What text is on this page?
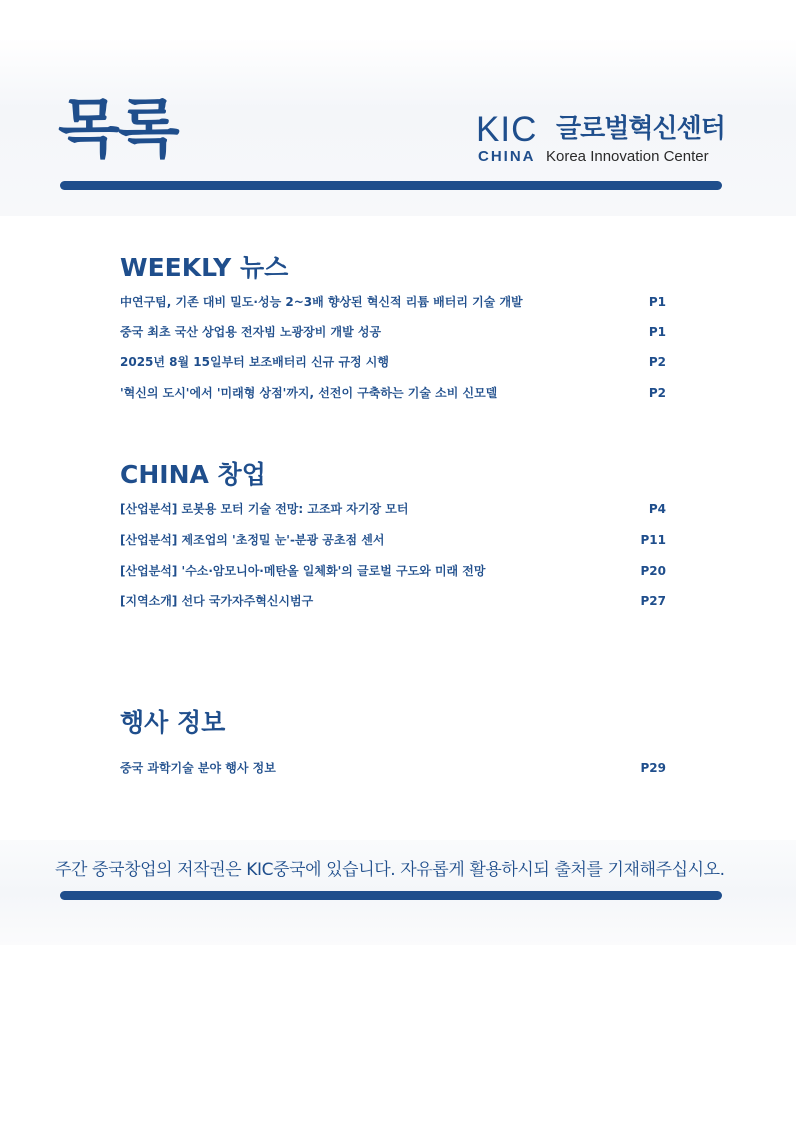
목록	KIC 글로벌혁신센터
CHINA Korea Innovation Center
WEEKLY 뉴스
中연구팀, 기존 대비 밀도·성능 2~3배 향상된 혁신적 리튬 배터리 기술 개발	P1
중국 최초 국산 상업용 전자빔 노광장비 개발 성공	P1
2025년 8월 15일부터 보조배터리 신규 규정 시행	P2
'혁신의 도시'에서 '미래형 상점'까지, 선전이 구축하는 기술 소비 신모델	P2
CHINA 창업
[산업분석] 로봇용 모터 기술 전망: 고조파 자기장 모터	P4
[산업분석] 제조업의 '초정밀 눈'-분광 공초점 센서	P11
[산업분석] '수소·암모니아·메탄올 일체화'의 글로벌 구도와 미래 전망	P20
[지역소개] 선다 국가자주혁신시범구	P27
행사 정보
중국 과학기술 분야 행사 정보	P29
주간 중국창업의 저작권은 KIC중국에 있습니다. 자유롭게 활용하시되 출처를 기재해주십시오.
